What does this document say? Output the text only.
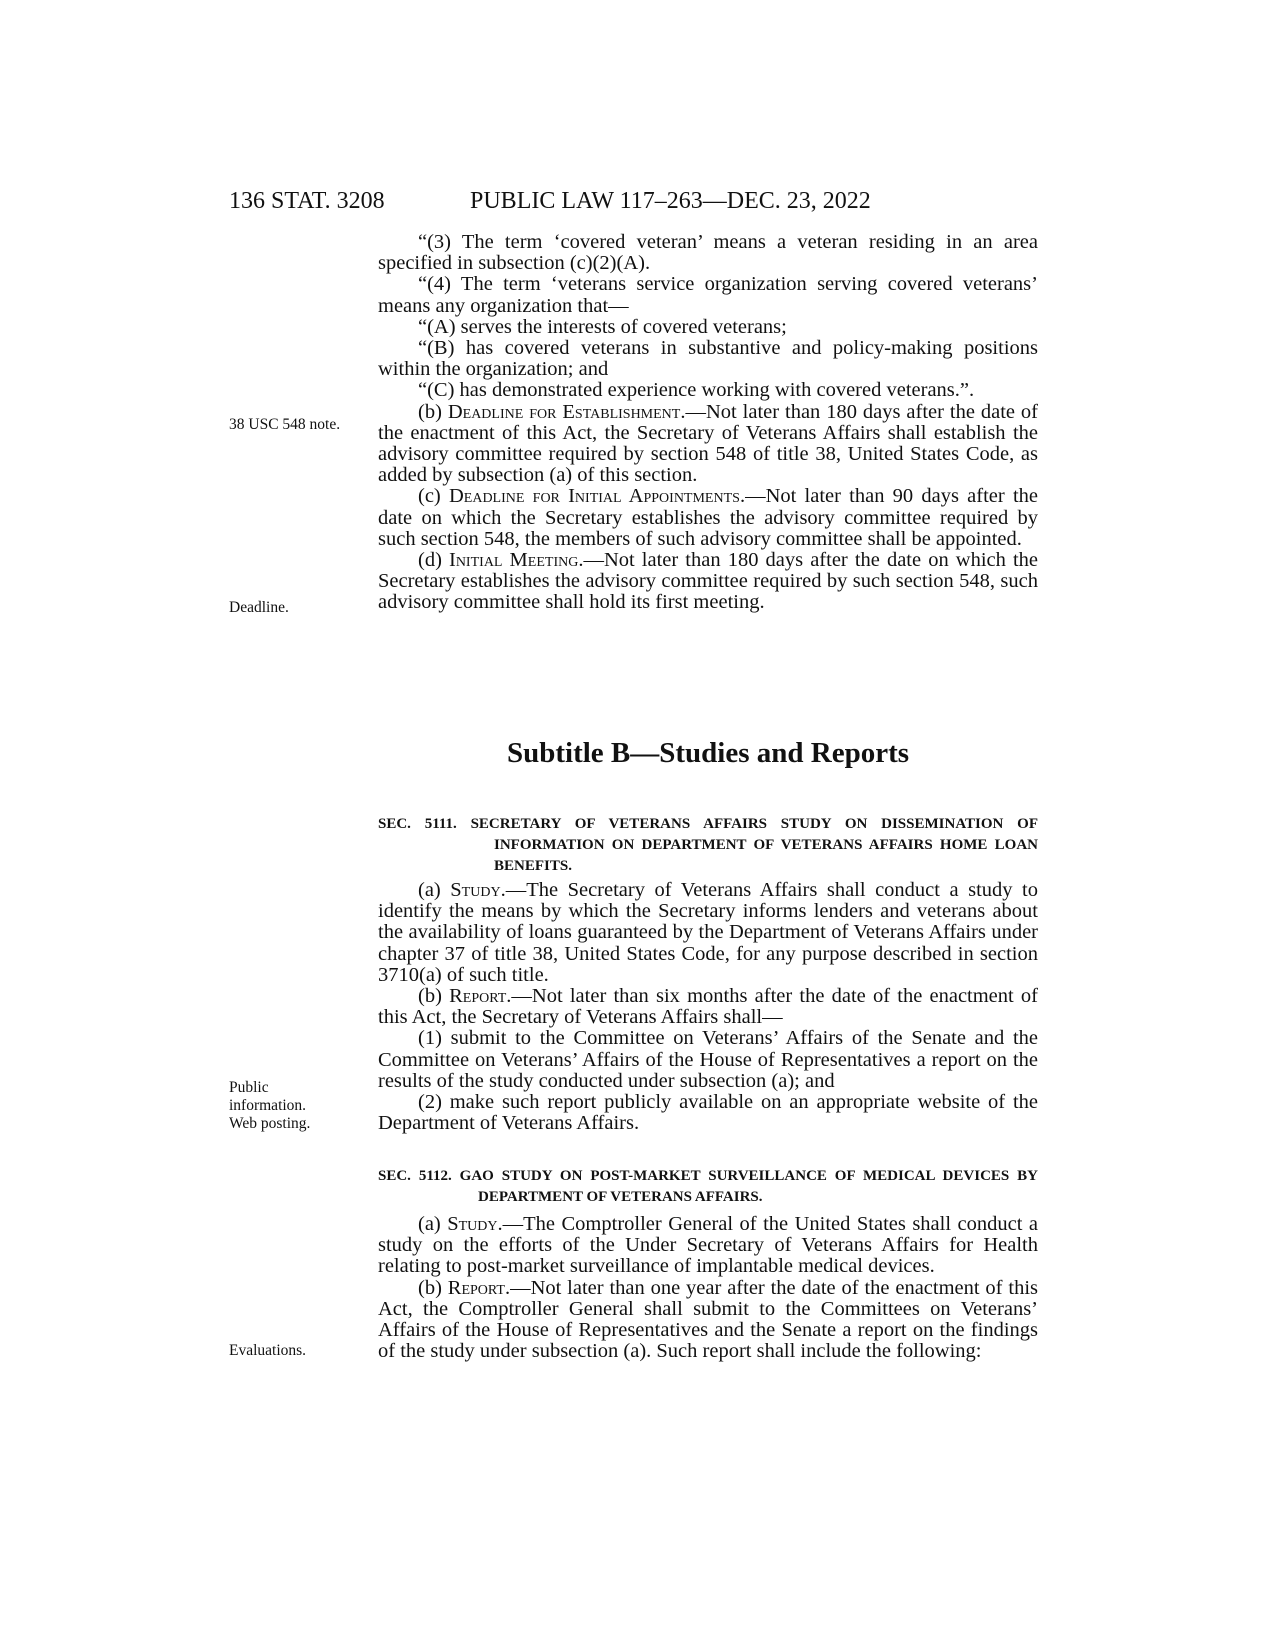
136 STAT. 3208	PUBLIC LAW 117–263—DEC. 23, 2022
38 USC 548 note.
Deadline.
Public
information.
Web posting.
Evaluations.

“(3) The term ‘covered veteran’ means a veteran residing in an area specified in subsection (c)(2)(A).

“(4) The term ‘veterans service organization serving covered veterans’ means any organization that—

“(A) serves the interests of covered veterans;

“(B) has covered veterans in substantive and policy-making positions within the organization; and

“(C) has demonstrated experience working with covered veterans.”.

(b) Deadline for Establishment.—Not later than 180 days after the date of the enactment of this Act, the Secretary of Veterans Affairs shall establish the advisory committee required by section 548 of title 38, United States Code, as added by subsection (a) of this section.

(c) Deadline for Initial Appointments.—Not later than 90 days after the date on which the Secretary establishes the advisory committee required by such section 548, the members of such advisory committee shall be appointed.

(d) Initial Meeting.—Not later than 180 days after the date on which the Secretary establishes the advisory committee required by such section 548, such advisory committee shall hold its first meeting.

Subtitle B—Studies and Reports
SEC. 5111. SECRETARY OF VETERANS AFFAIRS STUDY ON DISSEMINATION OF INFORMATION ON DEPARTMENT OF VETERANS AFFAIRS HOME LOAN BENEFITS.

(a) Study.—The Secretary of Veterans Affairs shall conduct a study to identify the means by which the Secretary informs lenders and veterans about the availability of loans guaranteed by the Department of Veterans Affairs under chapter 37 of title 38, United States Code, for any purpose described in section 3710(a) of such title.

(b) Report.—Not later than six months after the date of the enactment of this Act, the Secretary of Veterans Affairs shall—

(1) submit to the Committee on Veterans’ Affairs of the Senate and the Committee on Veterans’ Affairs of the House of Representatives a report on the results of the study conducted under subsection (a); and

(2) make such report publicly available on an appropriate website of the Department of Veterans Affairs.

SEC. 5112. GAO STUDY ON POST-MARKET SURVEILLANCE OF MEDICAL DEVICES BY DEPARTMENT OF VETERANS AFFAIRS.

(a) Study.—The Comptroller General of the United States shall conduct a study on the efforts of the Under Secretary of Veterans Affairs for Health relating to post-market surveillance of implantable medical devices.

(b) Report.—Not later than one year after the date of the enactment of this Act, the Comptroller General shall submit to the Committees on Veterans’ Affairs of the House of Representatives and the Senate a report on the findings of the study under subsection (a). Such report shall include the following:
